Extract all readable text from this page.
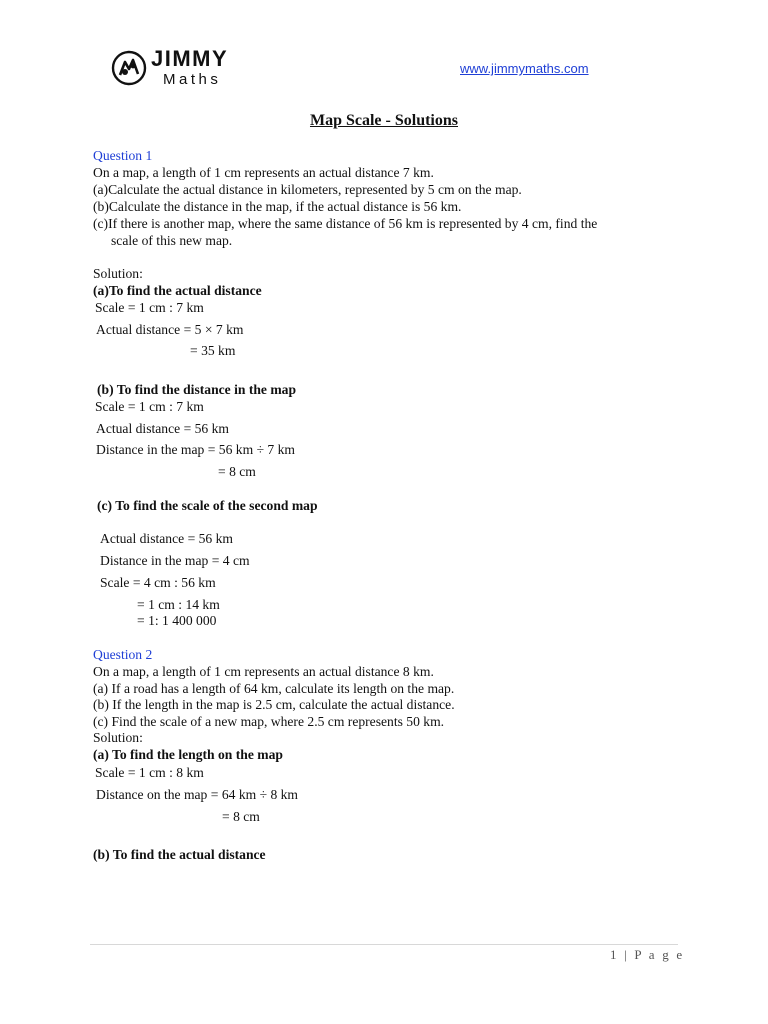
JIMMY
Maths
www.jimmymaths.com
Map Scale - Solutions
Question 1
On a map, a length of 1 cm represents an actual distance 7 km.
(a)Calculate the actual distance in kilometers, represented by 5 cm on the map.
(b)Calculate the distance in the map, if the actual distance is 56 km.
(c)If there is another map, where the same distance of 56 km is represented by 4 cm, find the
scale of this new map.
Solution:
(a)To find the actual distance
Scale = 1 cm : 7 km
Actual distance = 5 × 7 km
= 35 km
(b) To find the distance in the map
Scale = 1 cm : 7 km
Actual distance = 56 km
Distance in the map = 56 km ÷ 7 km
= 8 cm
(c) To find the scale of the second map
Actual distance = 56 km
Distance in the map = 4 cm
Scale = 4 cm : 56 km
= 1 cm : 14 km
= 1: 1 400 000
Question 2
On a map, a length of 1 cm represents an actual distance 8 km.
(a) If a road has a length of 64 km, calculate its length on the map.
(b) If the length in the map is 2.5 cm, calculate the actual distance.
(c) Find the scale of a new map, where 2.5 cm represents 50 km.
Solution:
(a) To find the length on the map
Scale = 1 cm : 8 km
Distance on the map = 64 km ÷ 8 km
= 8 cm
(b) To find the actual distance
1 | P a g e
